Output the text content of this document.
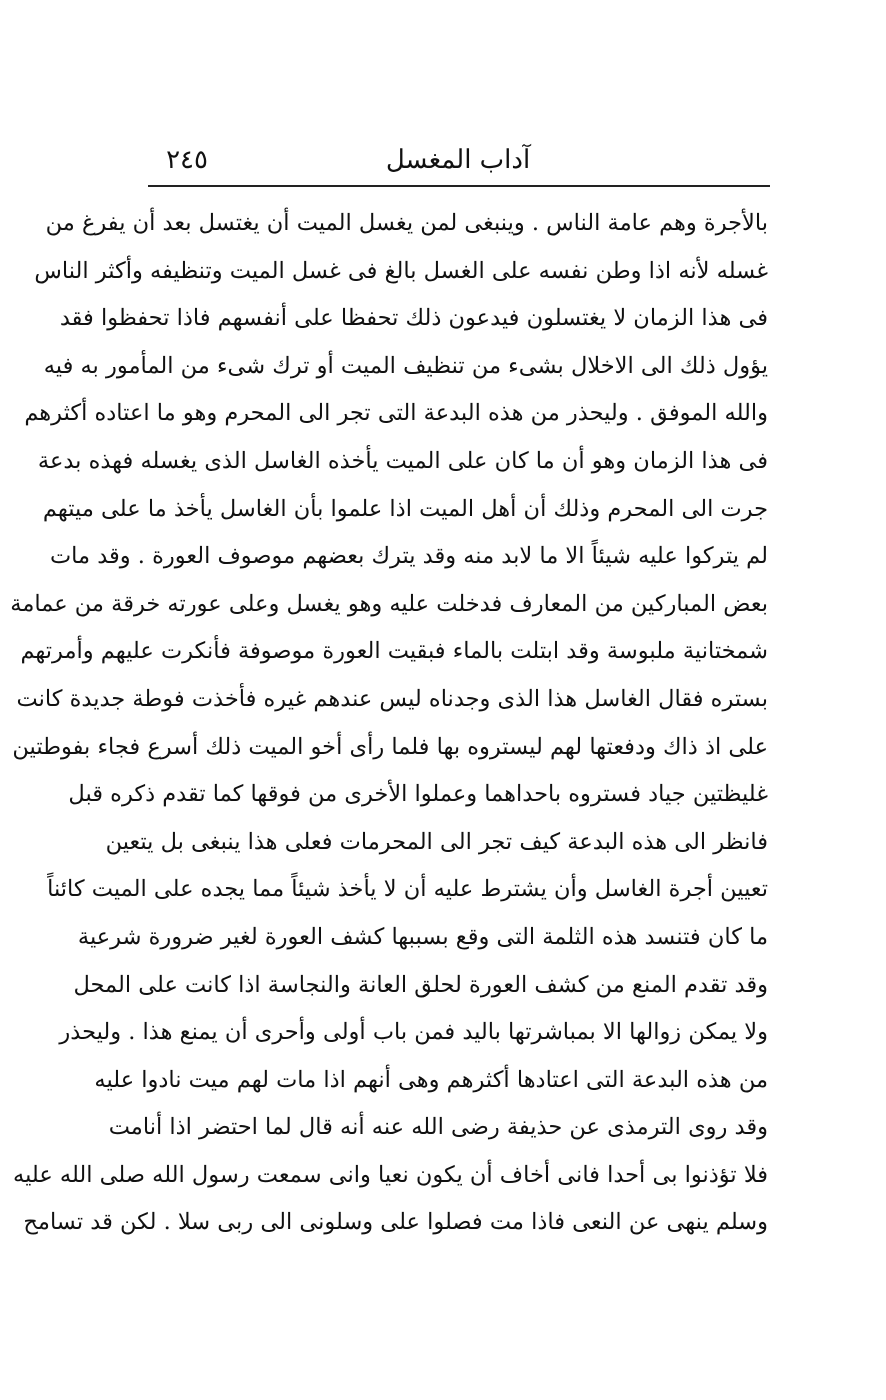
آداب المغسل
٢٤٥
بالأجرة وهم عامة الناس . وينبغى لمن يغسل الميت أن يغتسل بعد أن يفرغ من
غسله لأنه اذا وطن نفسه على الغسل بالغ فى غسل الميت وتنظيفه وأكثر الناس
فى هذا الزمان لا يغتسلون فيدعون ذلك تحفظا على أنفسهم فاذا تحفظوا فقد
يؤول ذلك الى الاخلال بشىء من تنظيف الميت أو ترك شىء من المأمور به فيه
والله الموفق . وليحذر من هذه البدعة التى تجر الى المحرم وهو ما اعتاده أكثرهم
فى هذا الزمان وهو أن ما كان على الميت يأخذه الغاسل الذى يغسله فهذه بدعة
جرت الى المحرم وذلك أن أهل الميت اذا علموا بأن الغاسل يأخذ ما على ميتهم
لم يتركوا عليه شيئاً الا ما لابد منه وقد يترك بعضهم موصوف العورة . وقد مات
بعض المباركين من المعارف فدخلت عليه وهو يغسل وعلى عورته خرقة من عمامة
شمختانية ملبوسة وقد ابتلت بالماء فبقيت العورة موصوفة فأنكرت عليهم وأمرتهم
بستره فقال الغاسل هذا الذى وجدناه ليس عندهم غيره فأخذت فوطة جديدة كانت
على اذ ذاك ودفعتها لهم ليستروه بها فلما رأى أخو الميت ذلك أسرع فجاء بفوطتين
غليظتين جياد فستروه باحداهما وعملوا الأخرى من فوقها كما تقدم ذكره قبل
فانظر الى هذه البدعة كيف تجر الى المحرمات فعلى هذا ينبغى بل يتعين
تعيين أجرة الغاسل وأن يشترط عليه أن لا يأخذ شيئاً مما يجده على الميت كائناً
ما كان فتنسد هذه الثلمة التى وقع بسببها كشف العورة لغير ضرورة شرعية
وقد تقدم المنع من كشف العورة لحلق العانة والنجاسة اذا كانت على المحل
ولا يمكن زوالها الا بمباشرتها باليد فمن باب أولى وأحرى أن يمنع هذا . وليحذر
من هذه البدعة التى اعتادها أكثرهم وهى أنهم اذا مات لهم ميت نادوا عليه
وقد روى الترمذى عن حذيفة رضى الله عنه أنه قال لما احتضر اذا أنامت
فلا تؤذنوا بى أحدا فانى أخاف أن يكون نعيا وانى سمعت رسول الله صلى الله عليه
وسلم ينهى عن النعى فاذا مت فصلوا على وسلونى الى ربى سلا . لكن قد تسامح
